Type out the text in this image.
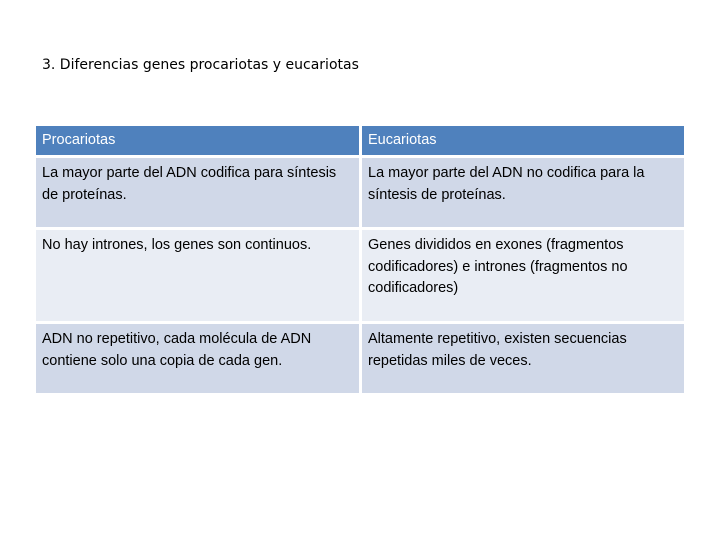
3. Diferencias genes procariotas y eucariotas
Procariotas	Eucariotas
La mayor parte del ADN codifica para síntesis de proteínas.	La mayor parte del ADN no codifica para la síntesis de proteínas.
No hay intrones, los genes son continuos.	Genes divididos en exones (fragmentos codificadores) e intrones (fragmentos no codificadores)
ADN no repetitivo, cada molécula de ADN contiene solo una copia de cada gen.	Altamente repetitivo, existen secuencias repetidas miles de veces.
